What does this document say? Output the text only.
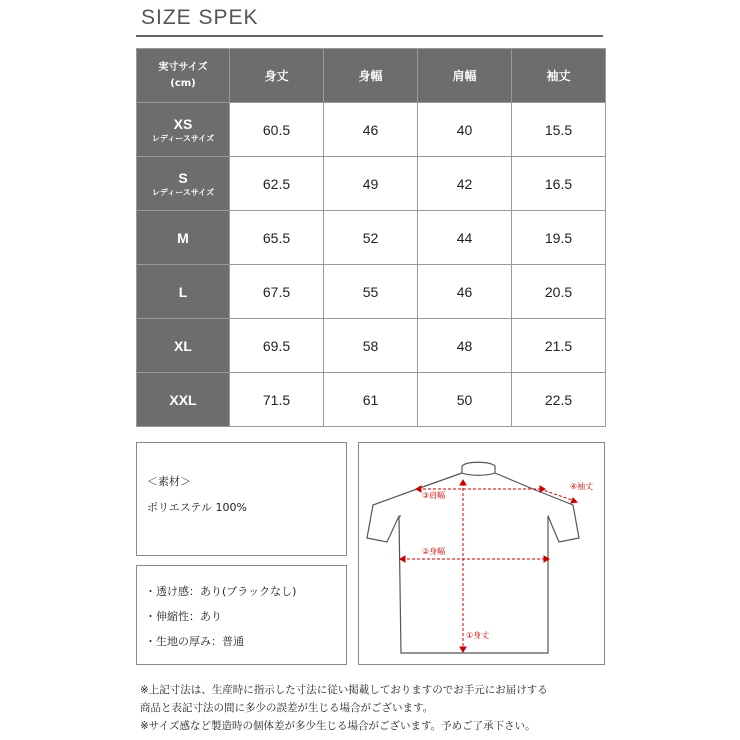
SIZE SPEK
実寸サイズ
(cm)	身丈	身幅	肩幅	袖丈

XS
レディースサイズ	60.5	46	40	15.5

S
レディースサイズ	62.5	49	42	16.5

M	65.5	52	44	19.5

L	67.5	55	46	20.5

XL	69.5	58	48	21.5

XXL	71.5	61	50	22.5
＜素材＞
ポリエステル 100%
・透け感：あり(ブラックなし)
・伸縮性：あり
・生地の厚み：普通
③肩幅
④袖丈
②身幅
①身丈
※上記寸法は、生産時に指示した寸法に従い掲載しておりますのでお手元にお届けする
商品と表記寸法の間に多少の誤差が生じる場合がございます。
※サイズ感など製造時の個体差が多少生じる場合がございます。予めご了承下さい。
